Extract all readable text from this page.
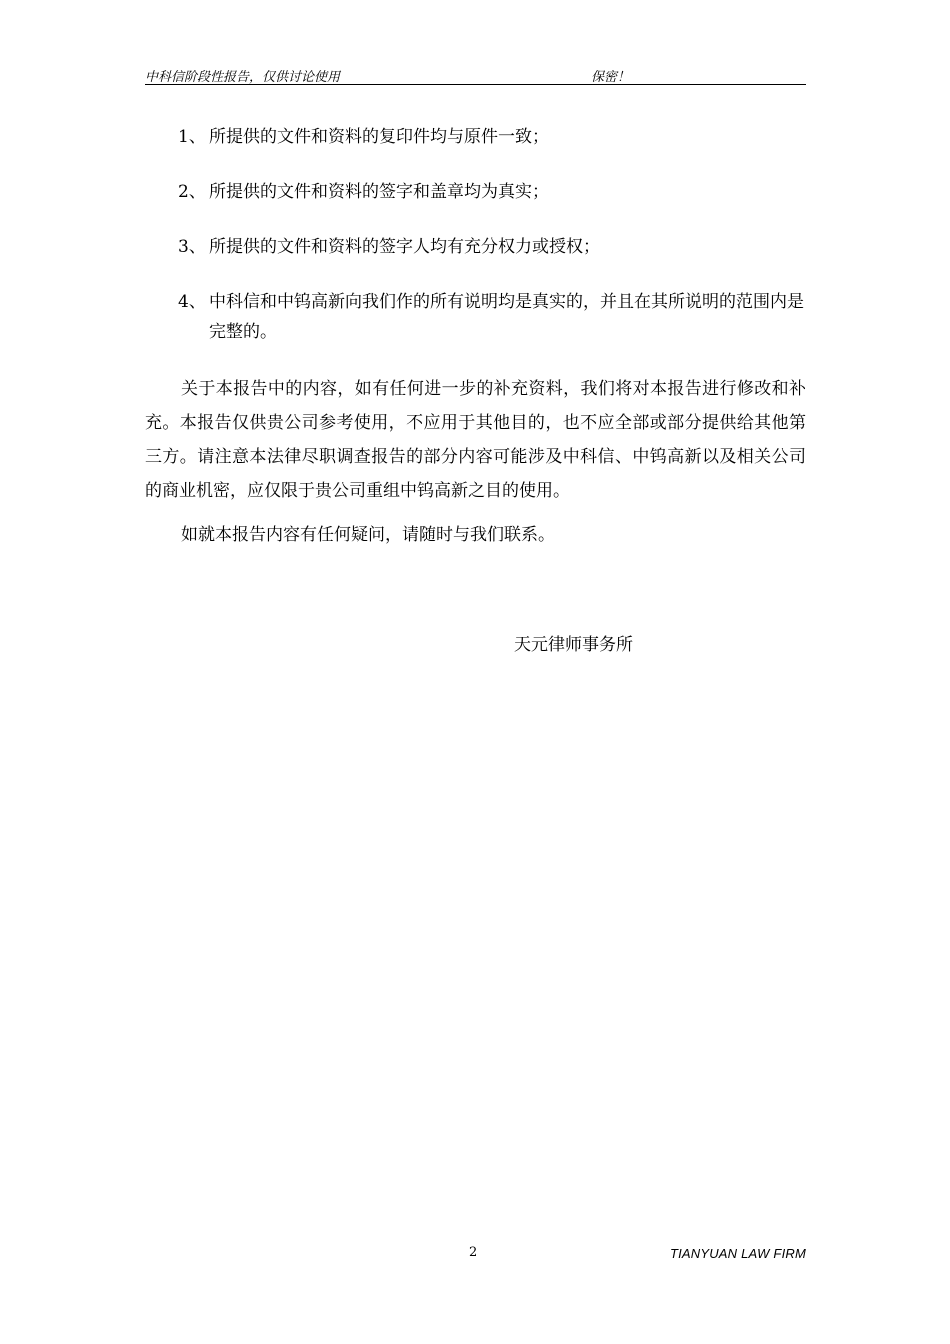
中科信阶段性报告，仅供讨论使用	保密！
1、 所提供的文件和资料的复印件均与原件一致；
2、 所提供的文件和资料的签字和盖章均为真实；
3、 所提供的文件和资料的签字人均有充分权力或授权；
4、 中科信和中钨高新向我们作的所有说明均是真实的，并且在其所说明的范围内是完整的。

关于本报告中的内容，如有任何进一步的补充资料，我们将对本报告进行修改和补充。本报告仅供贵公司参考使用，不应用于其他目的，也不应全部或部分提供给其他第三方。请注意本法律尽职调查报告的部分内容可能涉及中科信、中钨高新以及相关公司的商业机密，应仅限于贵公司重组中钨高新之目的使用。

如就本报告内容有任何疑问，请随时与我们联系。

天元律师事务所
2	TIANYUAN LAW FIRM
